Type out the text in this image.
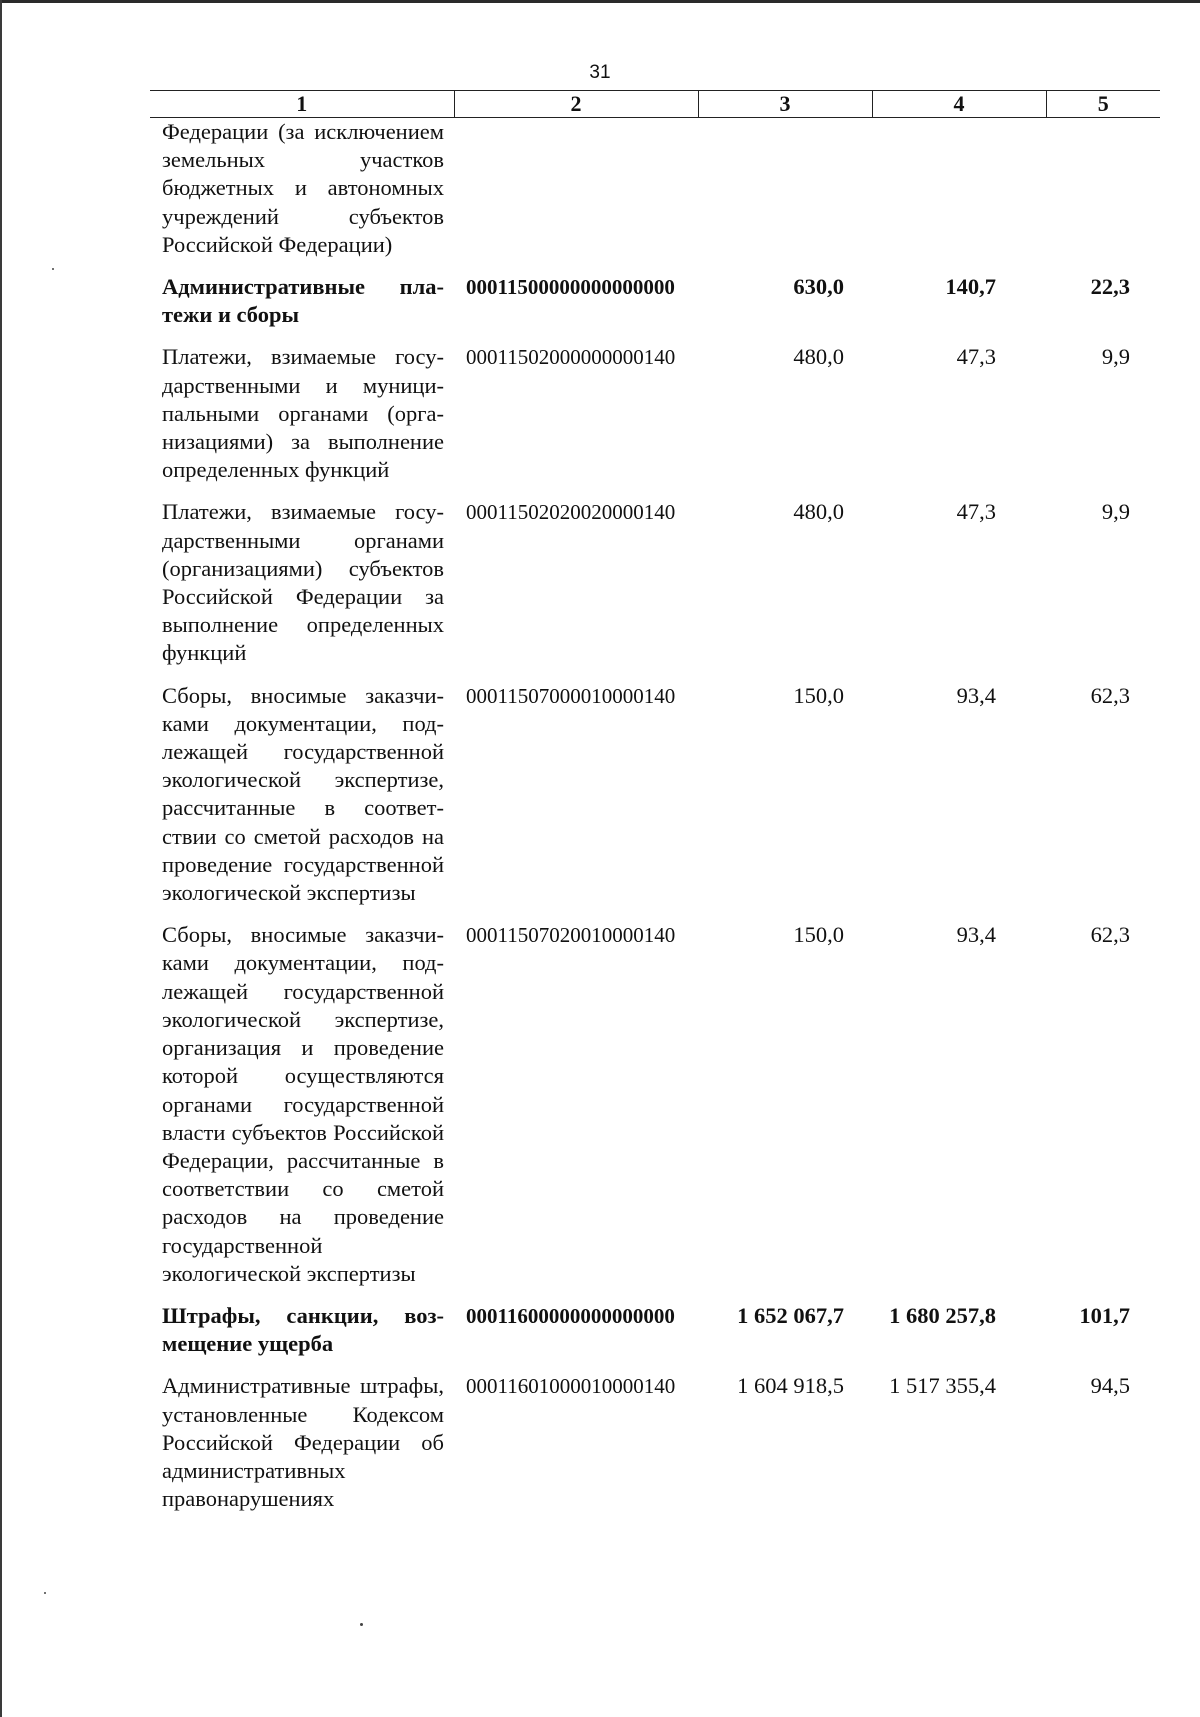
31
1	2	3	4	5
Федерации (за исключением земельных участков бюджетных и автономных учреждений субъектов Российской Федерации)				
Административные платежи и сборы	00011500000000000000	630,0	140,7	22,3
Платежи, взимаемые государственными и муниципальными органами (организациями) за выполнение определенных функций	00011502000000000140	480,0	47,3	9,9
Платежи, взимаемые государственными органами (организациями) субъектов Российской Федерации за выполнение определенных функций	00011502020020000140	480,0	47,3	9,9
Сборы, вносимые заказчиками документации, подлежащей государственной экологической экспертизе, рассчитанные в соответствии со сметой расходов на проведение государственной экологической экспертизы	00011507000010000140	150,0	93,4	62,3
Сборы, вносимые заказчиками документации, подлежащей государственной экологической экспертизе, организация и проведение которой осуществляются органами государственной власти субъектов Российской Федерации, рассчитанные в соответствии со сметой расходов на проведение государственной экологической экспертизы	00011507020010000140	150,0	93,4	62,3
Штрафы, санкции, возмещение ущерба	00011600000000000000	1 652 067,7	1 680 257,8	101,7
Административные штрафы, установленные Кодексом Российской Федерации об административных правонарушениях	00011601000010000140	1 604 918,5	1 517 355,4	94,5
